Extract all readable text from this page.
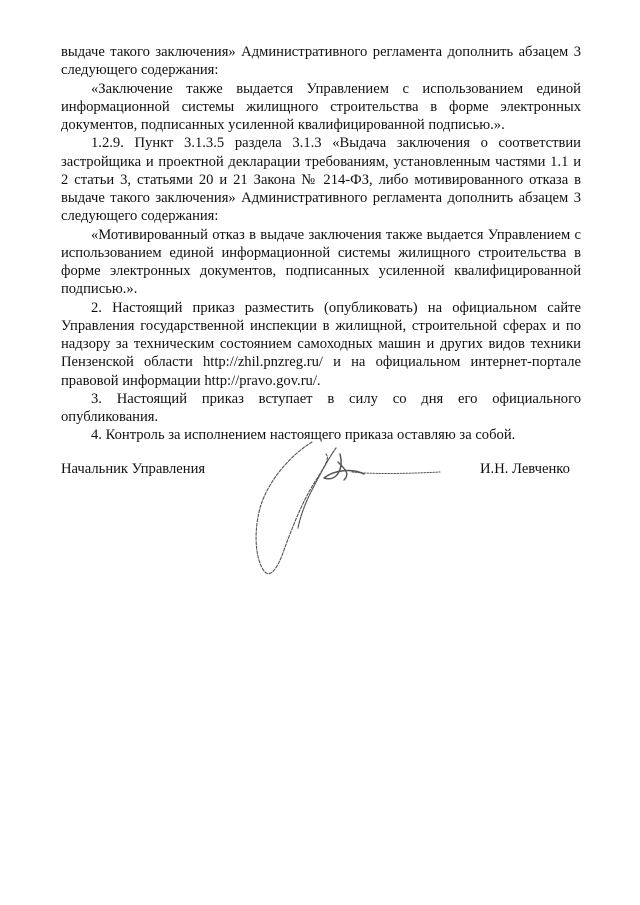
выдаче такого заключения» Административного регламента дополнить абзацем 3 следующего содержания:

«Заключение также выдается Управлением с использованием единой информационной системы жилищного строительства в форме электронных документов, подписанных усиленной квалифицированной подписью.».

1.2.9. Пункт 3.1.3.5 раздела 3.1.3 «Выдача заключения о соответствии застройщика и проектной декларации требованиям, установленным частями 1.1 и 2 статьи 3, статьями 20 и 21 Закона № 214-ФЗ, либо мотивированного отказа в выдаче такого заключения» Административного регламента дополнить абзацем 3 следующего содержания:

«Мотивированный отказ в выдаче заключения также выдается Управлением с использованием единой информационной системы жилищного строительства в форме электронных документов, подписанных усиленной квалифицированной подписью.».

2. Настоящий приказ разместить (опубликовать) на официальном сайте Управления государственной инспекции в жилищной, строительной сферах и по надзору за техническим состоянием самоходных машин и других видов техники Пензенской области http://zhil.pnzreg.ru/ и на официальном интернет-портале правовой информации http://pravo.gov.ru/.

3. Настоящий приказ вступает в силу со дня его официального опубликования.

4. Контроль за исполнением настоящего приказа оставляю за собой.

Начальник Управления	И.Н. Левченко
